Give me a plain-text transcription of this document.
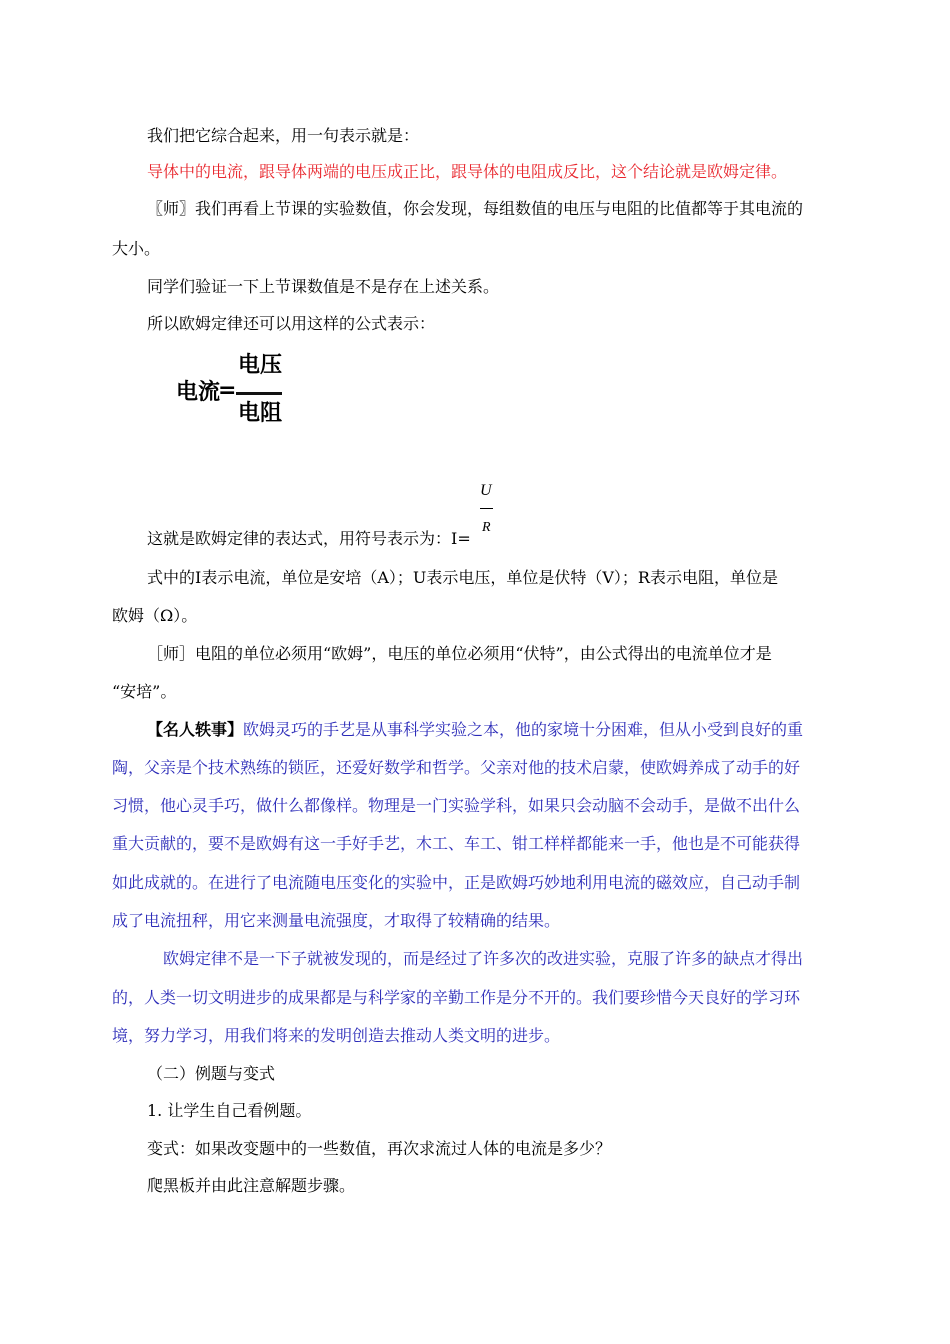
我们把它综合起来，用一句表示就是：
导体中的电流，跟导体两端的电压成正比，跟导体的电阻成反比，这个结论就是欧姆定律。
〖师〗我们再看上节课的实验数值，你会发现，每组数值的电压与电阻的比值都等于其电流的
大小。
同学们验证一下上节课数值是不是存在上述关系。
所以欧姆定律还可以用这样的公式表示：
电流
=
电压
电阻
这就是欧姆定律的表达式，用符号表示为：I=
U
R
式中的I表示电流，单位是安培（A）；U表示电压，单位是伏特（V）；R表示电阻，单位是
欧姆（Ω）。
［师］电阻的单位必须用“欧姆”，电压的单位必须用“伏特”，由公式得出的电流单位才是
“安培”。
【名人轶事】欧姆灵巧的手艺是从事科学实验之本，他的家境十分困难，但从小受到良好的重
陶，父亲是个技术熟练的锁匠，还爱好数学和哲学。父亲对他的技术启蒙，使欧姆养成了动手的好
习惯，他心灵手巧，做什么都像样。物理是一门实验学科，如果只会动脑不会动手，是做不出什么
重大贡献的，要不是欧姆有这一手好手艺，木工、车工、钳工样样都能来一手，他也是不可能获得
如此成就的。在进行了电流随电压变化的实验中，正是欧姆巧妙地利用电流的磁效应，自己动手制
成了电流扭秤，用它来测量电流强度，才取得了较精确的结果。
欧姆定律不是一下子就被发现的，而是经过了许多次的改进实验，克服了许多的缺点才得出
的，人类一切文明进步的成果都是与科学家的辛勤工作是分不开的。我们要珍惜今天良好的学习环
境，努力学习，用我们将来的发明创造去推动人类文明的进步。
（二）例题与变式
1. 让学生自己看例题。
变式：如果改变题中的一些数值，再次求流过人体的电流是多少？
爬黑板并由此注意解题步骤。
